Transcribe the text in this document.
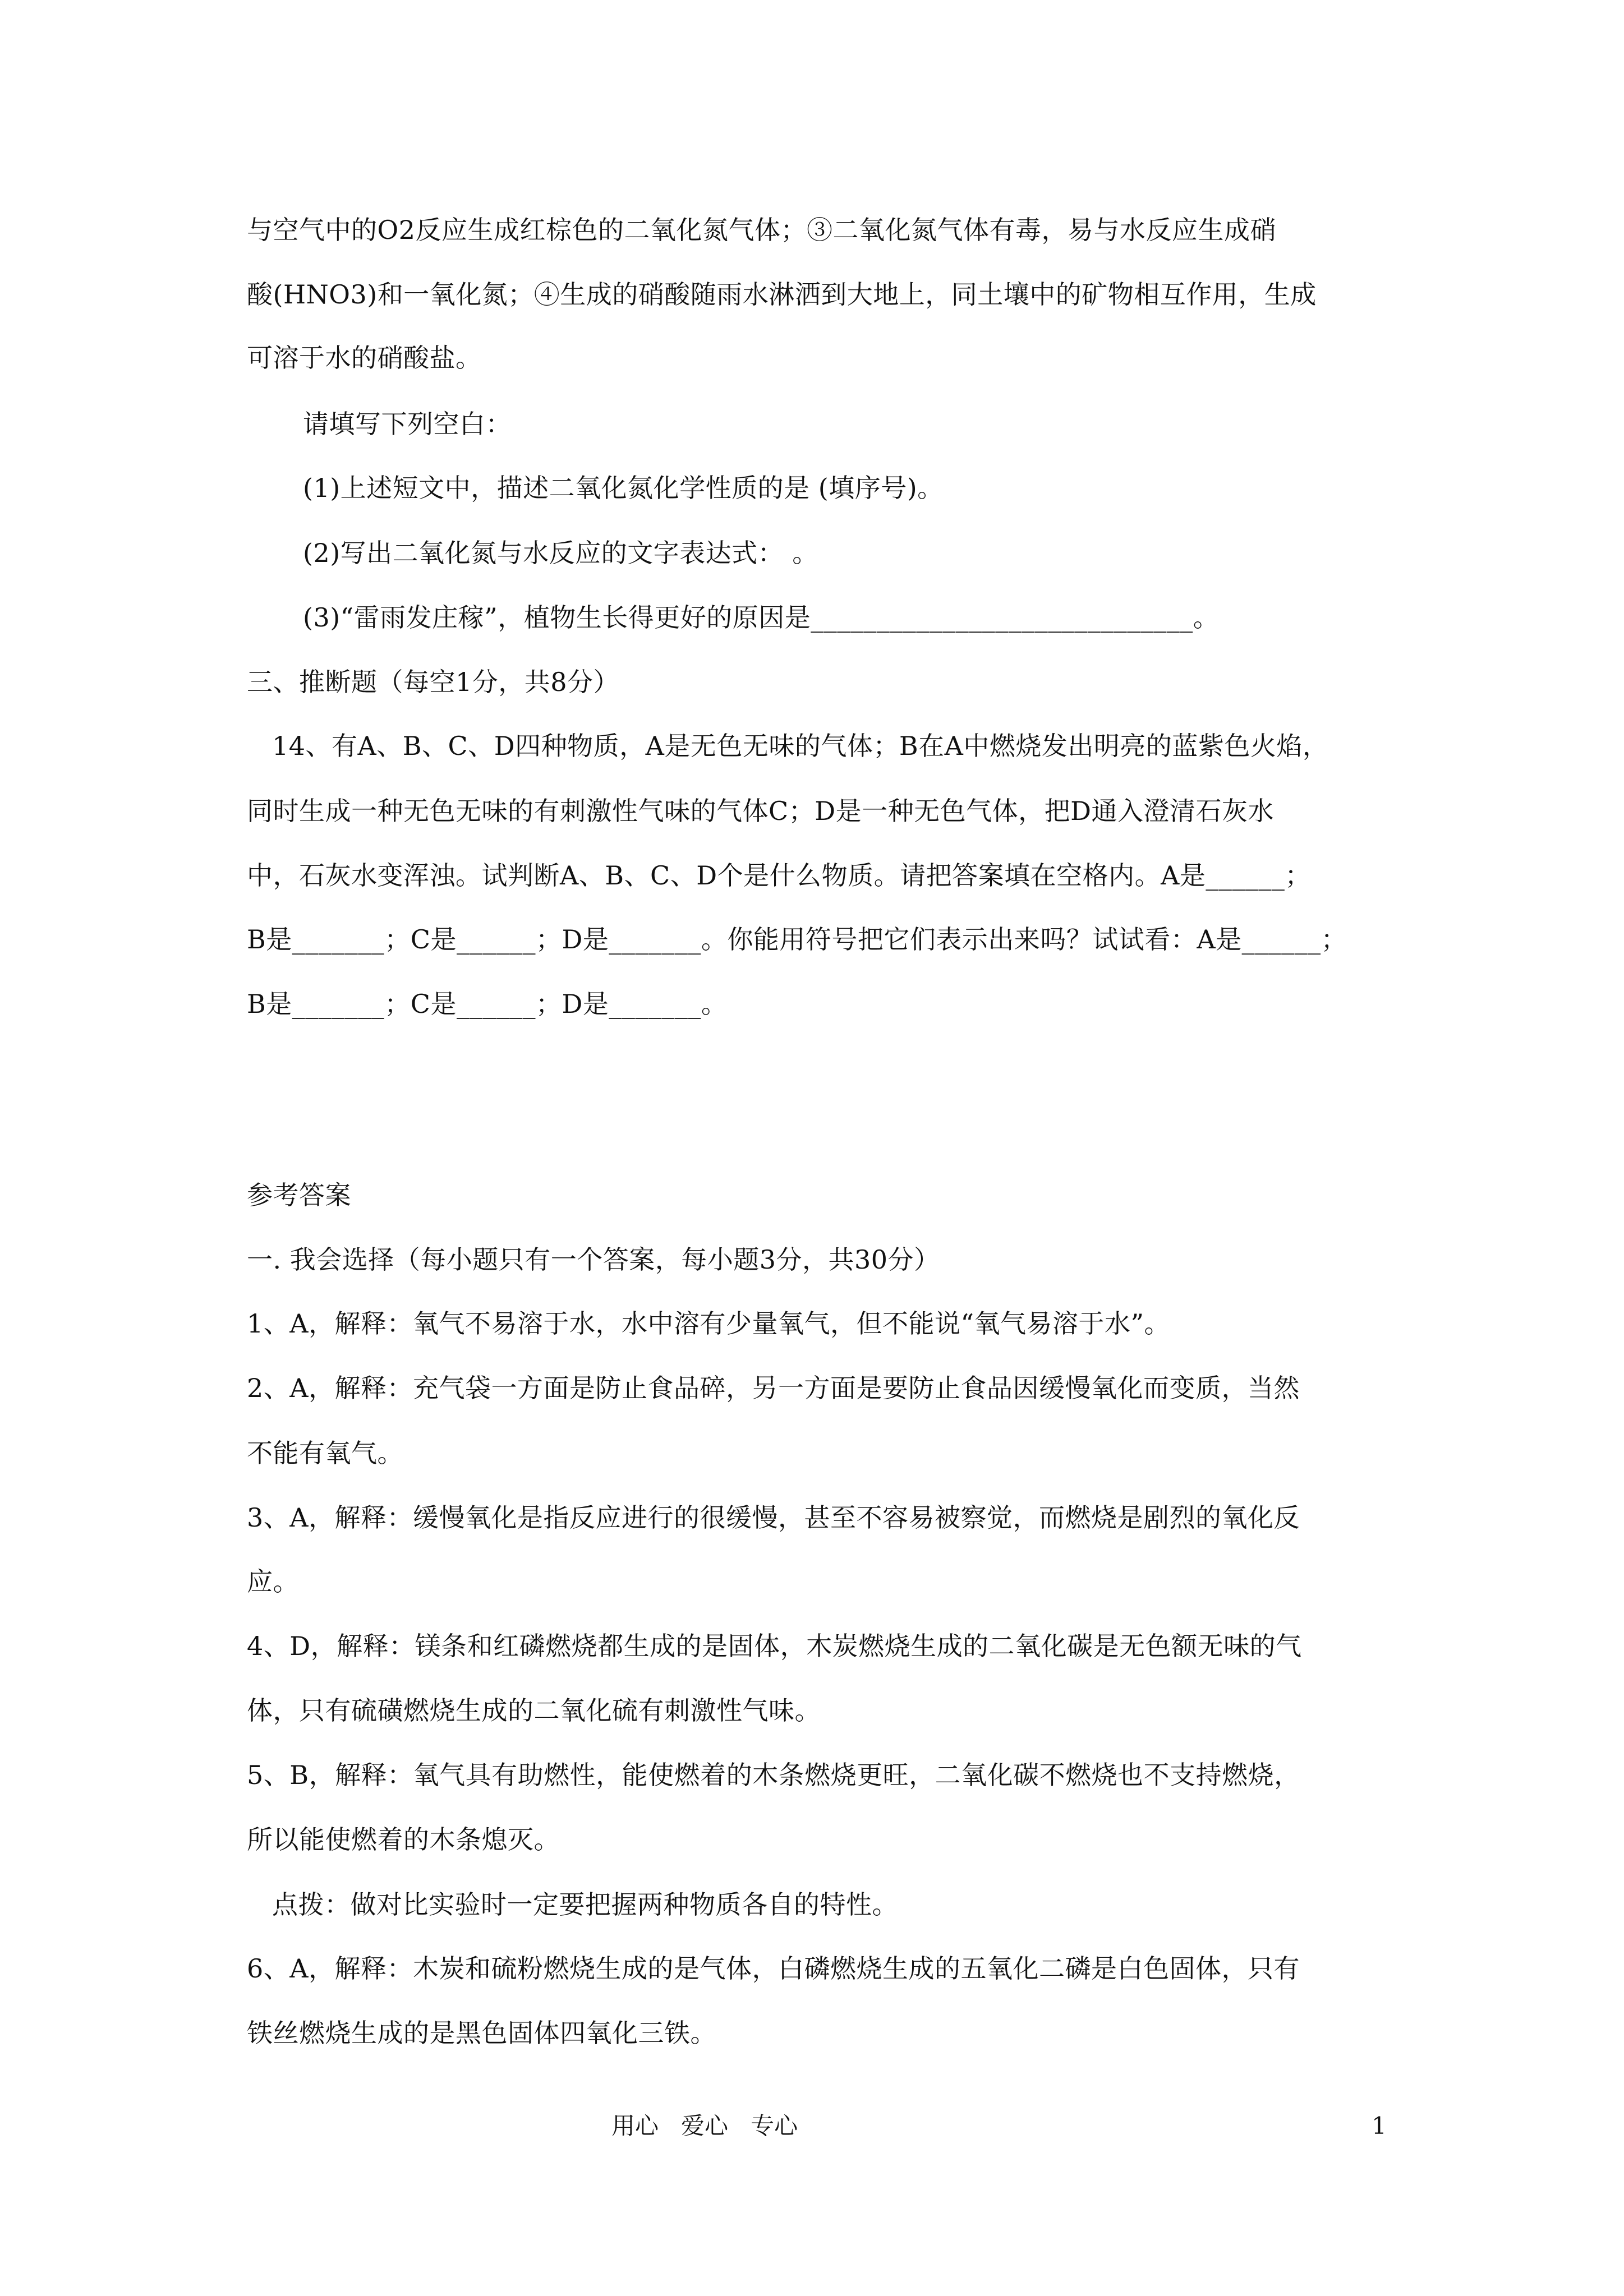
与空气中的O2反应生成红棕色的二氧化氮气体；③二氧化氮气体有毒，易与水反应生成硝
酸(HNO3)和一氧化氮；④生成的硝酸随雨水淋洒到大地上，同土壤中的矿物相互作用，生成
可溶于水的硝酸盐。
请填写下列空白：
(1)上述短文中，描述二氧化氮化学性质的是 (填序号)。
(2)写出二氧化氮与水反应的文字表达式： 。
(3)“雷雨发庄稼”，植物生长得更好的原因是_____________________________。
三、推断题（每空1分，共8分）
14、有A、B、C、D四种物质，A是无色无味的气体；B在A中燃烧发出明亮的蓝紫色火焰，
同时生成一种无色无味的有刺激性气味的气体C；D是一种无色气体，把D通入澄清石灰水
中，石灰水变浑浊。试判断A、B、C、D个是什么物质。请把答案填在空格内。A是______；
B是_______；C是______；D是_______。你能用符号把它们表示出来吗？试试看：A是______；
B是_______；C是______；D是_______。
参考答案
一. 我会选择（每小题只有一个答案，每小题3分，共30分）
1、A，解释：氧气不易溶于水，水中溶有少量氧气，但不能说“氧气易溶于水”。
2、A，解释：充气袋一方面是防止食品碎，另一方面是要防止食品因缓慢氧化而变质，当然
不能有氧气。
3、A，解释：缓慢氧化是指反应进行的很缓慢，甚至不容易被察觉，而燃烧是剧烈的氧化反
应。
4、D，解释：镁条和红磷燃烧都生成的是固体，木炭燃烧生成的二氧化碳是无色额无味的气
体，只有硫磺燃烧生成的二氧化硫有刺激性气味。
5、B，解释：氧气具有助燃性，能使燃着的木条燃烧更旺，二氧化碳不燃烧也不支持燃烧，
所以能使燃着的木条熄灭。
点拨：做对比实验时一定要把握两种物质各自的特性。
6、A，解释：木炭和硫粉燃烧生成的是气体，白磷燃烧生成的五氧化二磷是白色固体，只有
铁丝燃烧生成的是黑色固体四氧化三铁。
用心   爱心   专心	1
